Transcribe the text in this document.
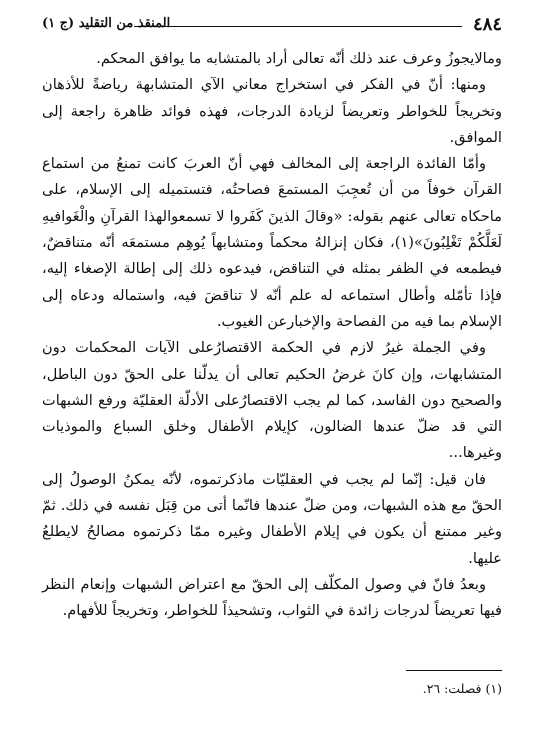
٤٨٤
المنقذ من التقليد (ج ١)

ومالايجوزُ وعرف عند ذلك أنّه تعالى أراد بالمتشابه ما يوافق المحكم.

ومنها: أنّ في الفكر في استخراج معاني الآي المتشابهة رياضةً للأذهان وتخريجاً للخواطر وتعريضاً لزيادة الدرجات، فهذه فوائد ظاهرة راجعة إلى الموافق.

وأمّا الفائدة الراجعة إلى المخالف فهي أنّ العربَ كانت تمنعُ من استماع القرآن خوفاً من أن تُعجِبَ المستمعَ فصاحتُه، فتستميله إلى الإسلام، على ماحكاه تعالى عنهم بقوله: «وقالَ الذينَ كَفَروا لا تسمعوالهذا القرآنِ والْغَوافيهِ لَعَلَّكُمْ تَغْلِبُونَ»(١)، فكان إنزالهُ محكماً ومتشابهاً يُوهِم مستمعَه أنّه متناقضٌ، فيطمعه في الظفر بمثله في التناقض، فيدعوه ذلك إلى إطالة الإصغاء إليه، فإذا تأمّله وأطال استماعه له علم أنّه لا تناقضَ فيه، واستماله ودعاه إلى الإسلام بما فيه من الفصاحة والإخبارعن الغيوب.

وفي الجملة غيرُ لازم في الحكمة الاقتصارُعلى الآيات المحكمات دون المتشابهات، وإن كانَ غرضُ الحكيم تعالى أن يدلّنا على الحقّ دون الباطل، والصحيح دون الفاسد، كما لم يجب الاقتصارُعلى الأدلّة العقليّة ورفع الشبهات التي قد ضلّ عندها الضالون، كإيلام الأطفال وخلق السباع والموذيات وغيرها...

فان قيل: إنّما لم يجب في العقليّات ماذكرتموه، لأنّه يمكنُ الوصولُ إلى الحقّ مع هذه الشبهات، ومن ضلّ عندها فانّما أتى من قِبَل نفسه في ذلك. ثمّ وغير ممتنع أن يكون في إيلام الأطفال وغيره ممّا ذكرتموه مصالحُ لايطلعُ عليها.

وبعدُ فانّ في وصول المكلّف إلى الحقّ مع اعتراض الشبهات وإنعام النظر فيها تعريضاً لدرجات زائدة في الثواب، وتشحيذاً للخواطر، وتخريجاً للأفهام.

(١) فصلت: ٢٦.
